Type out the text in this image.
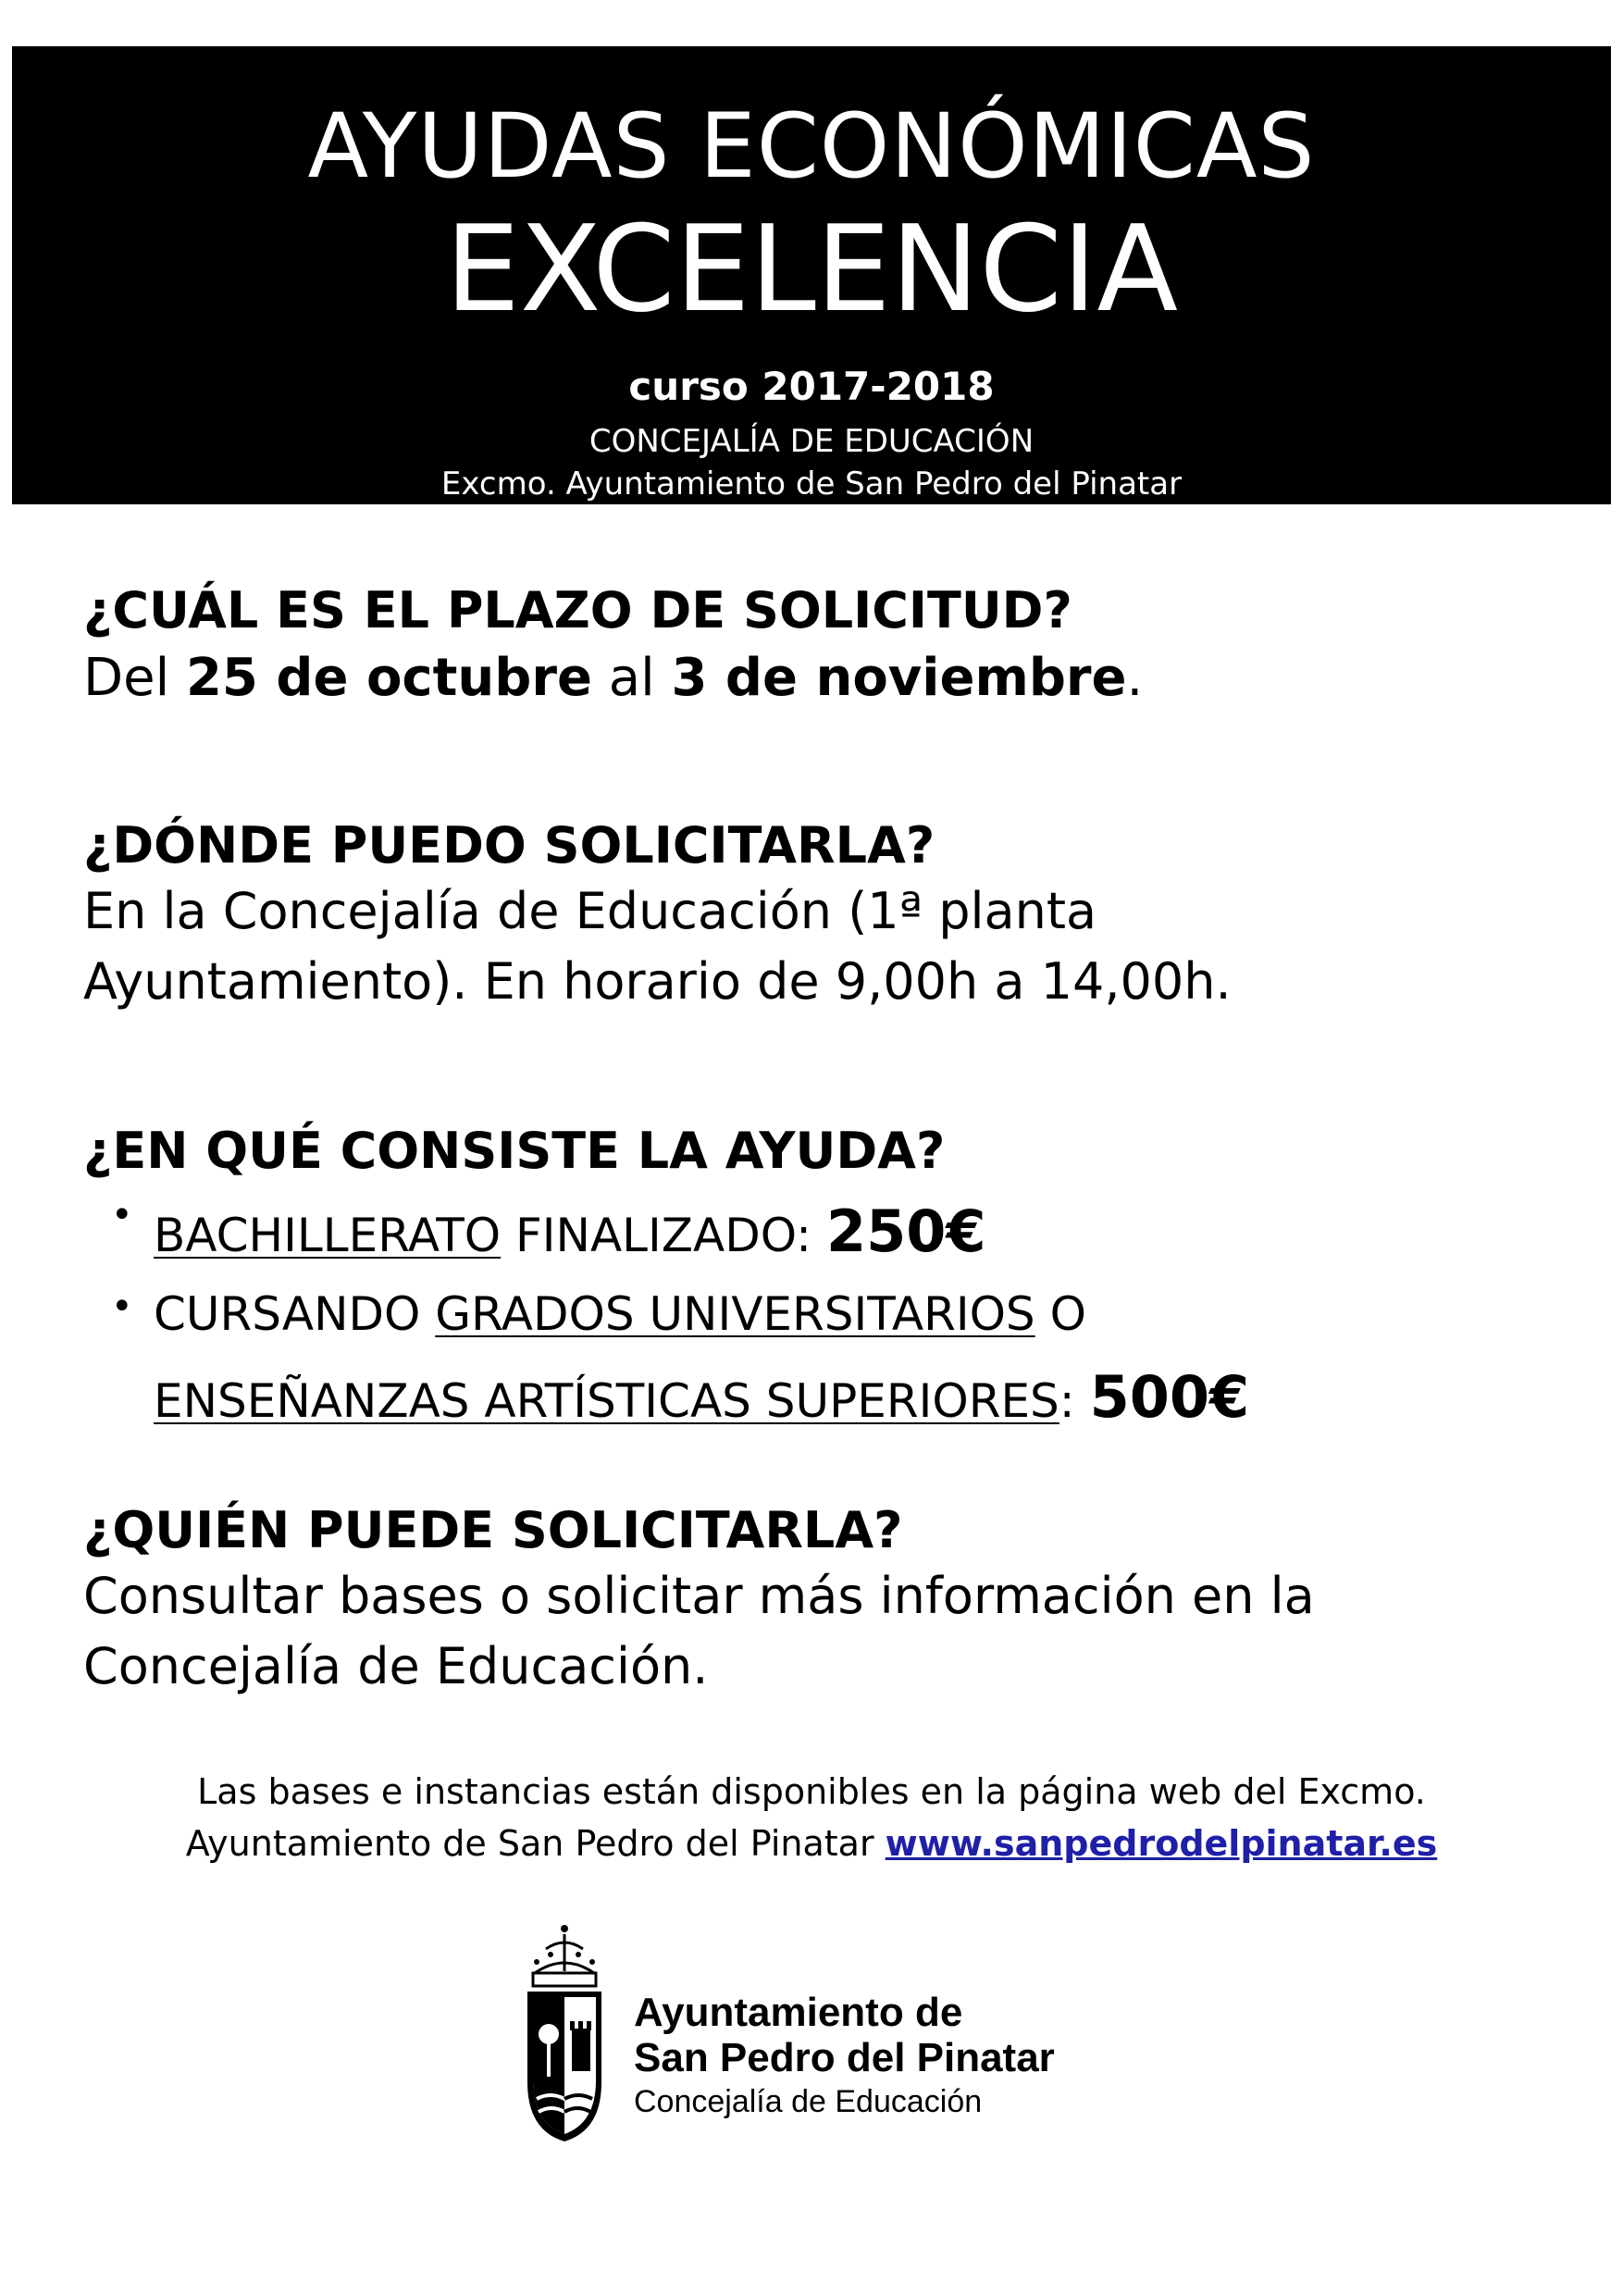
AYUDAS ECONÓMICAS
EXCELENCIA
curso 2017-2018
CONCEJALÍA DE EDUCACIÓN
Excmo. Ayuntamiento de San Pedro del Pinatar

¿CUÁL ES EL PLAZO DE SOLICITUD?

Del 25 de octubre al 3 de noviembre.

¿DÓNDE PUEDO SOLICITARLA?

En la Concejalía de Educación (1ª planta

Ayuntamiento). En horario de 9,00h a 14,00h.

¿EN QUÉ CONSISTE LA AYUDA?

• BACHILLERATO FINALIZADO: 250€
• CURSANDO GRADOS UNIVERSITARIOS O
ENSEÑANZAS ARTÍSTICAS SUPERIORES: 500€

¿QUIÉN PUEDE SOLICITARLA?

Consultar bases o solicitar más información en la

Concejalía de Educación.

Las bases e instancias están disponibles en la página web del Excmo.
Ayuntamiento de San Pedro del Pinatar www.sanpedrodelpinatar.es
Ayuntamiento de
San Pedro del Pinatar
Concejalía de Educación
